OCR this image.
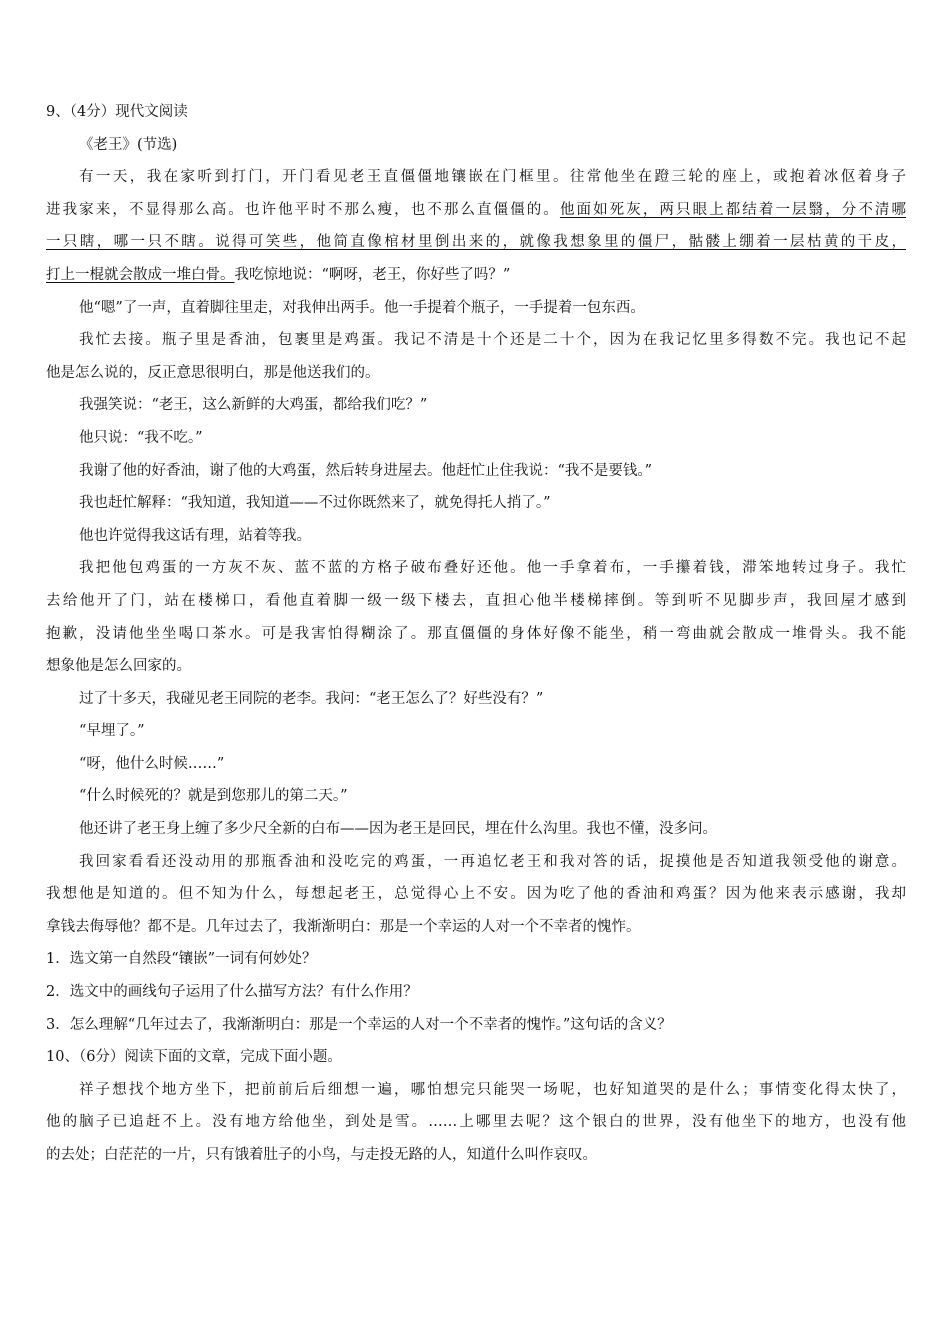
9、（4分）现代文阅读
《老王》(节选)
有一天，我在家听到打门，开门看见老王直僵僵地镶嵌在门框里。往常他坐在蹬三轮的座上，或抱着冰伛着身子
进我家来，不显得那么高。也许他平时不那么瘦，也不那么直僵僵的。他面如死灰，两只眼上都结着一层翳，分不清哪
一只瞎，哪一只不瞎。说得可笑些，他简直像棺材里倒出来的，就像我想象里的僵尸，骷髅上绷着一层枯黄的干皮，
打上一棍就会散成一堆白骨。我吃惊地说：“啊呀，老王，你好些了吗？”
他“嗯”了一声，直着脚往里走，对我伸出两手。他一手提着个瓶子，一手提着一包东西。
我忙去接。瓶子里是香油，包裹里是鸡蛋。我记不清是十个还是二十个，因为在我记忆里多得数不完。我也记不起
他是怎么说的，反正意思很明白，那是他送我们的。
我强笑说：“老王，这么新鲜的大鸡蛋，都给我们吃？”
他只说：“我不吃。”
我谢了他的好香油，谢了他的大鸡蛋，然后转身进屋去。他赶忙止住我说：“我不是要钱。”
我也赶忙解释：“我知道，我知道——不过你既然来了，就免得托人捎了。”
他也许觉得我这话有理，站着等我。
我把他包鸡蛋的一方灰不灰、蓝不蓝的方格子破布叠好还他。他一手拿着布，一手攥着钱，滞笨地转过身子。我忙
去给他开了门，站在楼梯口，看他直着脚一级一级下楼去，直担心他半楼梯摔倒。等到听不见脚步声，我回屋才感到
抱歉，没请他坐坐喝口茶水。可是我害怕得糊涂了。那直僵僵的身体好像不能坐，稍一弯曲就会散成一堆骨头。我不能
想象他是怎么回家的。
过了十多天，我碰见老王同院的老李。我问：“老王怎么了？好些没有？”
“早埋了。”
“呀，他什么时候……”
“什么时候死的？就是到您那儿的第二天。”
他还讲了老王身上缠了多少尺全新的白布——因为老王是回民，埋在什么沟里。我也不懂，没多问。
我回家看看还没动用的那瓶香油和没吃完的鸡蛋，一再追忆老王和我对答的话，捉摸他是否知道我领受他的谢意。
我想他是知道的。但不知为什么，每想起老王，总觉得心上不安。因为吃了他的香油和鸡蛋？因为他来表示感谢，我却
拿钱去侮辱他？都不是。几年过去了，我渐渐明白：那是一个幸运的人对一个不幸者的愧怍。
1．选文第一自然段“镶嵌”一词有何妙处？
2．选文中的画线句子运用了什么描写方法？有什么作用？
3．怎么理解“几年过去了，我渐渐明白：那是一个幸运的人对一个不幸者的愧怍。”这句话的含义？
10、（6分）阅读下面的文章，完成下面小题。
祥子想找个地方坐下，把前前后后细想一遍，哪怕想完只能哭一场呢，也好知道哭的是什么；事情变化得太快了，
他的脑子已追赶不上。没有地方给他坐，到处是雪。……上哪里去呢？这个银白的世界，没有他坐下的地方，也没有他
的去处；白茫茫的一片，只有饿着肚子的小鸟，与走投无路的人，知道什么叫作哀叹。
